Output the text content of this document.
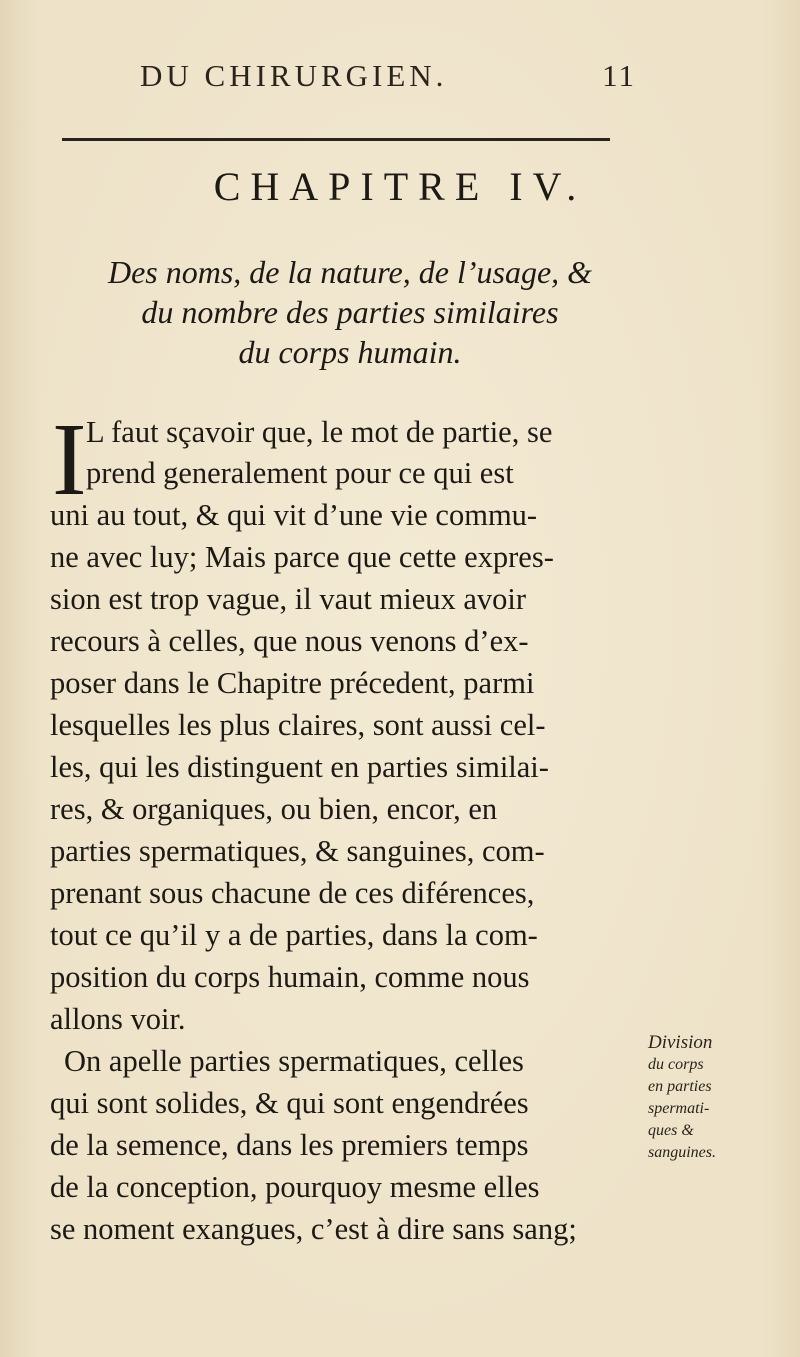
DU CHIRURGIEN.	11
CHAPITRE IV.
Des noms, de la nature, de l’usage, &
du nombre des parties similaires
du corps humain.
I L faut sçavoir que, le mot de partie, se
prend generalement pour ce qui est
uni au tout, & qui vit d’une vie commu-
ne avec luy; Mais parce que cette expres-
sion est trop vague, il vaut mieux avoir
recours à celles, que nous venons d’ex-
poser dans le Chapitre précedent, parmi
lesquelles les plus claires, sont aussi cel-
les, qui les distinguent en parties similai-
res, & organiques, ou bien, encor, en
parties spermatiques, & sanguines, com-
prenant sous chacune de ces diférences,
tout ce qu’il y a de parties, dans la com-
position du corps humain, comme nous
allons voir.
On apelle parties spermatiques, celles
qui sont solides, & qui sont engendrées
de la semence, dans les premiers temps
de la conception, pourquoy mesme elles
se noment exangues, c’est à dire sans sang;
Division
du corps
en parties
spermati-
ques &
sanguines.
